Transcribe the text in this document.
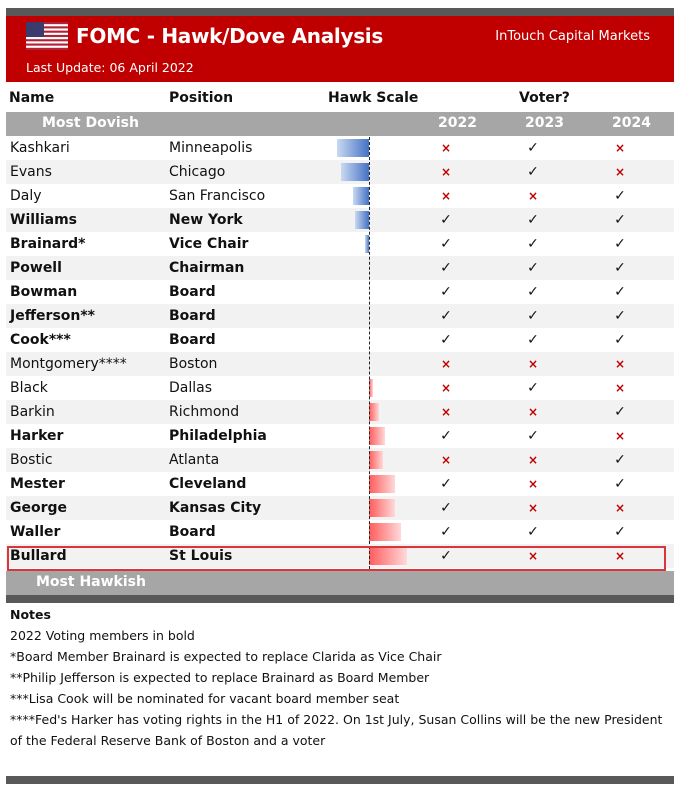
FOMC - Hawk/Dove Analysis	InTouch Capital Markets
Last Update: 06 April 2022
Name	Position	Hawk Scale	Voter?
Most Dovish	2022	2023	2024
Kashkari	Minneapolis	×	✓	×
Evans	Chicago	×	✓	×
Daly	San Francisco	×	×	✓
Williams	New York	✓	✓	✓
Brainard*	Vice Chair	✓	✓	✓
Powell	Chairman	✓	✓	✓
Bowman	Board	✓	✓	✓
Jefferson**	Board	✓	✓	✓
Cook***	Board	✓	✓	✓
Montgomery****	Boston	×	×	×
Black	Dallas	×	✓	×
Barkin	Richmond	×	×	✓
Harker	Philadelphia	✓	✓	×
Bostic	Atlanta	×	×	✓
Mester	Cleveland	✓	×	✓
George	Kansas City	✓	×	×
Waller	Board	✓	✓	✓
Bullard	St Louis	✓	×	×
Most Hawkish
Notes
2022 Voting members in bold
*Board Member Brainard is expected to replace Clarida as Vice Chair
**Philip Jefferson is expected to replace Brainard as Board Member
***Lisa Cook will be nominated for vacant board member seat
****Fed's Harker has voting rights in the H1 of 2022. On 1st July, Susan Collins will be the new President of the Federal Reserve Bank of Boston and a voter
